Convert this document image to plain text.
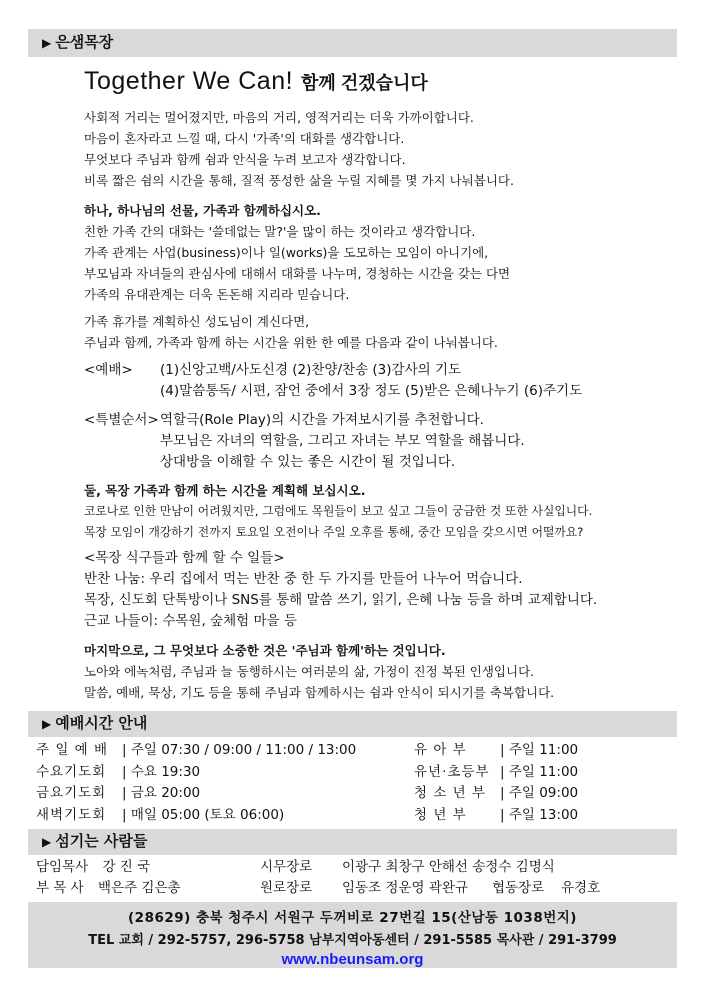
▶ 은샘목장
Together We Can! 함께 건겠습니다
사회적 거리는 멀어졌지만, 마음의 거리, 영적거리는 더욱 가까이합니다.
마음이 혼자라고 느낄 때, 다시 '가족'의 대화를 생각합니다.
무엇보다 주님과 함께 쉼과 안식을 누려 보고자 생각합니다.
비록 짧은 쉼의 시간을 통해, 질적 풍성한 삶을 누릴 지혜를 몇 가지 나눠봅니다.
하나, 하나님의 선물, 가족과 함께하십시오.
친한 가족 간의 대화는 '쓸데없는 말?'을 많이 하는 것이라고 생각합니다.
가족 관계는 사업(business)이나 일(works)을 도모하는 모임이 아니기에,
부모님과 자녀들의 관심사에 대해서 대화를 나누며, 경청하는 시간을 갖는 다면
가족의 유대관계는 더욱 돈돈해 지리라 믿습니다.
가족 휴가를 계획하신 성도님이 계신다면,
주님과 함께, 가족과 함께 하는 시간을 위한 한 예를 다음과 같이 나눠봅니다.
<예배> (1)신앙고백/사도신경 (2)찬양/찬송 (3)감사의 기도
(4)말씀통독/ 시편, 잠언 중에서 3장 정도 (5)받은 은혜나누기 (6)주기도
<특별순서> 역할극(Role Play)의 시간을 가져보시기를 추천합니다.
부모님은 자녀의 역할을, 그리고 자녀는 부모 역할을 해봅니다.
상대방을 이해할 수 있는 좋은 시간이 될 것입니다.
둘, 목장 가족과 함께 하는 시간을 계획해 보십시오.
코로나로 인한 만남이 어려웠지만, 그럼에도 목원들이 보고 싶고 그들이 궁금한 것 또한 사실입니다.
목장 모임이 개강하기 전까지 토요일 오전이나 주일 오후를 통해, 중간 모임을 갖으시면 어떨까요?
<목장 식구들과 함께 할 수 일들>
반찬 나눔: 우리 집에서 먹는 반찬 중 한 두 가지를 만들어 나누어 먹습니다.
목장, 신도회 단톡방이나 SNS를 통해 말씀 쓰기, 읽기, 은혜 나눔 등을 하며 교제합니다.
근교 나들이: 수목원, 숲체험 마을 등
마지막으로, 그 무엇보다 소중한 것은 '주님과 함께'하는 것입니다.
노아와 에녹처럼, 주님과 늘 동행하시는 여러분의 삶, 가정이 진정 복된 인생입니다.
말씀, 예배, 묵상, 기도 등을 통해 주님과 함께하시는 쉼과 안식이 되시기를 축복합니다.
▶ 예배시간 안내
주 일 예 배 | 주일 07:30 / 09:00 / 11:00 / 13:00	유 아 부	| 주일 11:00
수요기도회 | 수요 19:30	유년·초등부 | 주일 11:00
금요기도회 | 금요 20:00	청 소 년 부	| 주일 09:00
새벽기도회 | 매일 05:00 (토요 06:00)	청 년 부	| 주일 13:00
▶ 섬기는 사람들
담임목사 강 진 국	시무장로 이광구 최창구 안해선 송정수 김명식
부 목 사 백은주 김은총	원로장로 임동조 정운영 곽완규 협동장로 유경호
(28629) 충북 청주시 서원구 두꺼비로 27번길 15(산남동 1038번지)
TEL 교회 / 292-5757, 296-5758 남부지역아동센터 / 291-5585 목사관 / 291-3799
www.nbeunsam.org
